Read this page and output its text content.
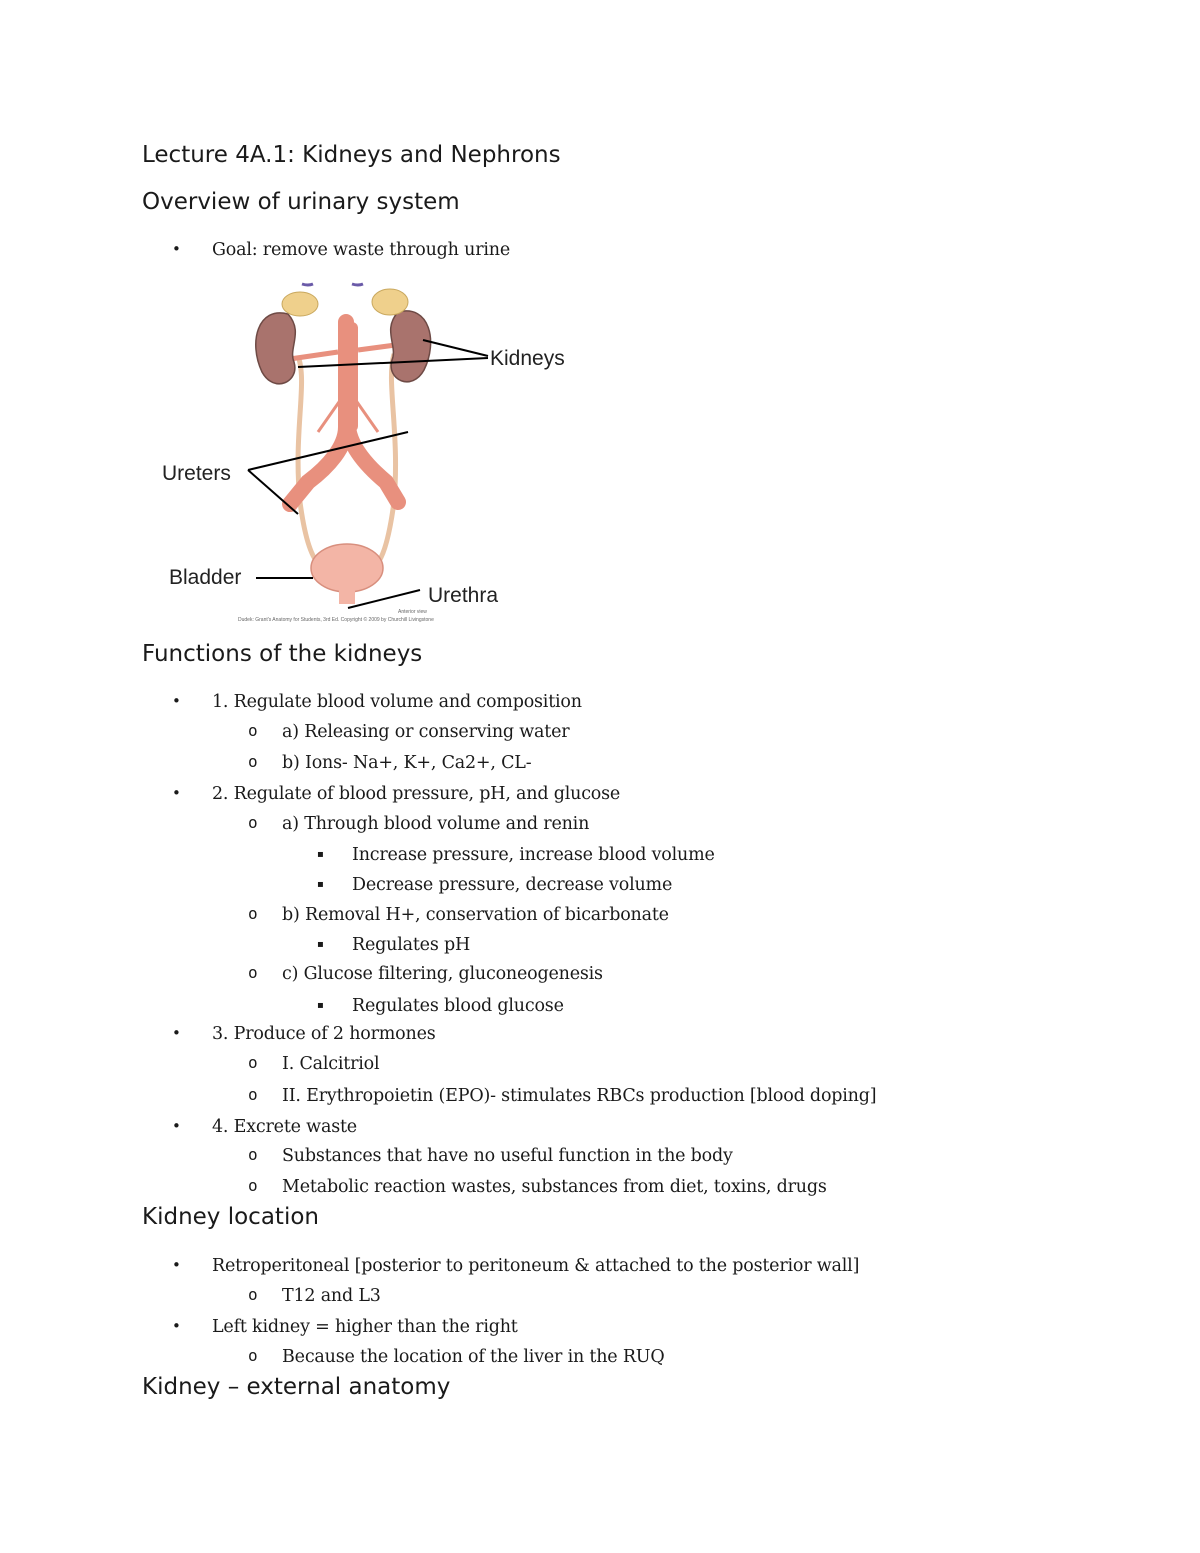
Lecture 4A.1: Kidneys and Nephrons
Overview of urinary system
• Goal: remove waste through urine
Kidneys
Ureters
Bladder
Urethra
Anterior view
Dudek: Grant's Anatomy for Students, 3rd Ed. Copyright © 2009 by Churchill Livingstone
Functions of the kidneys
• 1. Regulate blood volume and composition
o a) Releasing or conserving water
o b) Ions- Na+, K+, Ca2+, CL-
• 2. Regulate of blood pressure, pH, and glucose
o a) Through blood volume and renin
▪ Increase pressure, increase blood volume
▪ Decrease pressure, decrease volume
o b) Removal H+, conservation of bicarbonate
▪ Regulates pH
o c) Glucose filtering, gluconeogenesis
▪ Regulates blood glucose
• 3. Produce of 2 hormones
o I. Calcitriol
o II. Erythropoietin (EPO)- stimulates RBCs production [blood doping]
• 4. Excrete waste
o Substances that have no useful function in the body
o Metabolic reaction wastes, substances from diet, toxins, drugs
Kidney location
• Retroperitoneal [posterior to peritoneum & attached to the posterior wall]
o T12 and L3
• Left kidney = higher than the right
o Because the location of the liver in the RUQ
Kidney – external anatomy
